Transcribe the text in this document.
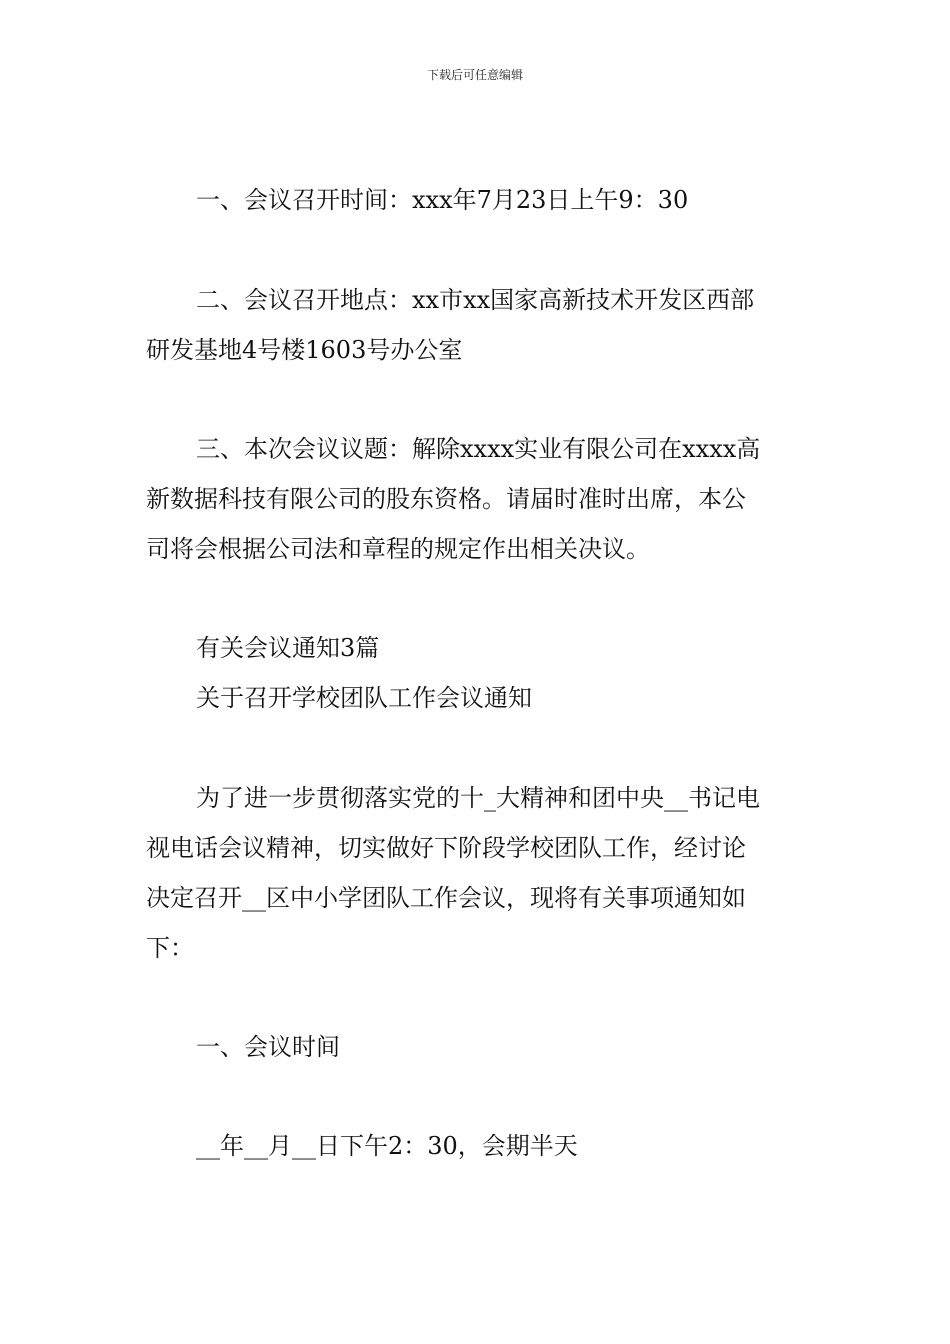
下载后可任意编辑
一、会议召开时间：xxx年7月23日上午9：30
二、会议召开地点：xx市xx国家高新技术开发区西部
研发基地4号楼1603号办公室
三、本次会议议题：解除xxxx实业有限公司在xxxx高
新数据科技有限公司的股东资格。请届时准时出席，本公
司将会根据公司法和章程的规定作出相关决议。
有关会议通知3篇
关于召开学校团队工作会议通知
为了进一步贯彻落实党的十_大精神和团中央__书记电
视电话会议精神，切实做好下阶段学校团队工作，经讨论
决定召开__区中小学团队工作会议，现将有关事项通知如
下：
一、会议时间
__年__月__日下午2：30，会期半天
